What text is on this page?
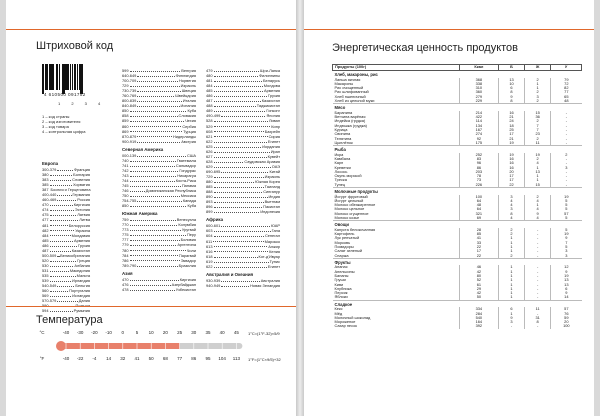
Штриховой код
4 610500 091752
1 2 3 4
1 – код страны
2 – код изготовителя
3 – код товара
4 – контрольная цифра
Европа
300-379	Франция
380	Болгария
383	Словения
385	Хорватия
387 Босния и Герцеговина
400-440	Германия
460-469	Россия
470	Киргизия
474	Эстония
475	Латвия
477	Литва
481	Белоруссия
482	Украина
484	Молдавия
485	Армения
486	Грузия
487	Казахстан
500-509 Великобритания
520	Греция
530	Албания
531	Македония
535	Мальта
539	Ирландия
540-549	Бельгия
560	Португалия
569	Исландия
570-579	Дания
594	Румыния
599	Венгрия
640-649	Финляндия
700-709	Норвегия
729	Израиль
730-739	Швеция
760-769	Швейцария
800-839	Италия
840-849	Испания
850	Куба
858	Словакия
859	Чехия
860	Сербия
869	Турция
870-879	Нидерланды
900-919	Австрия
Северная Америка
000-139	США
740	Гватемала
741	Сальвадор
742	Гондурас
743	Никарагуа
744	Коста-Рика
745	Панама
746	Доминиканская Республика
750	Мексика
754-755	Канада
850	Куба
Южная Америка
759	Венесуэла
770	Колумбия
773	Уругвай
775	Перу
777	Боливия
779	Аргентина
780	Чили
784	Парагвай
786	Эквадор
789-790	Бразилия
Азия
470	Киргизия
476	Азербайджан
478	Узбекистан
479	Шри-Ланка
480	Филиппины
481	Беларусь
484	Молдова
485	Армения
486	Грузия
487	Казахстан
488	Таджикистан
489	Гонконг
490-499	Япония
528	Ливан
529	Кипр
608	Бахрейн
621	Сирия
622	Египет
625	Иордания
626	Иран
627	Кувейт
628	Саудовская Аравия
629	ОАЭ
690-695	Китай
729	Израиль
880	Южная Корея
885	Таиланд
888	Сингапур
890	Индия
893	Вьетнам
896	Пакистан
899	Индонезия
Африка
600-601	ЮАР
603	Гана
604	Сенегал
611	Марокко
613	Алжир
616	Кения
618	Кот-д'Ивуар
619	Тунис
622	Египет
Австралия и Океания
930-939	Австралия
940-949	Новая Зеландия
Температура
°C	-40 -30 -20 -10 0	5 10 20 25 30 35 40 45
°F	-40 -22 -4 14 32 41 50 68 77 86 95 104 113
1°C=(1°F-32)×5/9
1°F=(1°C×9/5)+32
Энергетическая ценность продуктов
Продукты (100г)	Ккал	Б	Ж	У
Хлеб, макароны, рис				
Лапша яичная	368	13	2	79
Макароны	338	10	1	72
Рис очищенный	310	6	1	82
Рис шлифованный	360	8	2	77
Хлеб пшеничный	279	9	3	65
Хлеб из цельной муки	229	8	2	48
Мясо				
Баранина	214	16	15	-
Ветчина варёная	422	21	36	-
Индейка (грудка)	114	24	2	-
Индюшка (грудка)	134	18	7	-
Курица	167	25	7	-
Свинина	274	17	23	-
Телятина	92	21	2	-
Цыплёнок	175	19	11	-
Рыба				
Икра	252	19	19	2
Камбала	83	16	2	-
Карп	96	16	4	-
Креветки	86	16	1	3
Лосось	203	20	13	-
Окунь морской	78	17	1	-
Треска	73	17	1	-
Тунец	226	22	15	-
Молочные продукты				
Йогурт фруктовый	100	3	2	19
Йогурт цельный	64	4	4	5
Молоко обезжиренное	48	4	1	5
Молоко цельное	64	3	4	5
Молоко сгущенное	321	8	9	57
Молоко козье	69	4	4	5
Овощи				
Капуста белокочанная	28	2	-	5
Картофель	85	2	-	19
Лук репчатый	41	1	-	9
Морковь	33	1	-	7
Помидоры	22	1	-	5
Салат зеленый	17	1	-	3
Спаржа	22	2	-	3
Фрукты				
Ананас	46	1	-	12
Апельсины	42	1	-	9
Бананы	80	1	-	19
Груши	52	1	-	13
Киви	61	1	-	13
Клубника	29	1	-	6
Персик	42	1	-	9
Яблоки	50	1	-	14
Сладкое				
Кекс	334	6	11	57
Мёд	284	1	-	76
Молочный шоколад	540	9	31	59
Мороженое	164	3	8	20
Сахар песок	392	-	-	100
